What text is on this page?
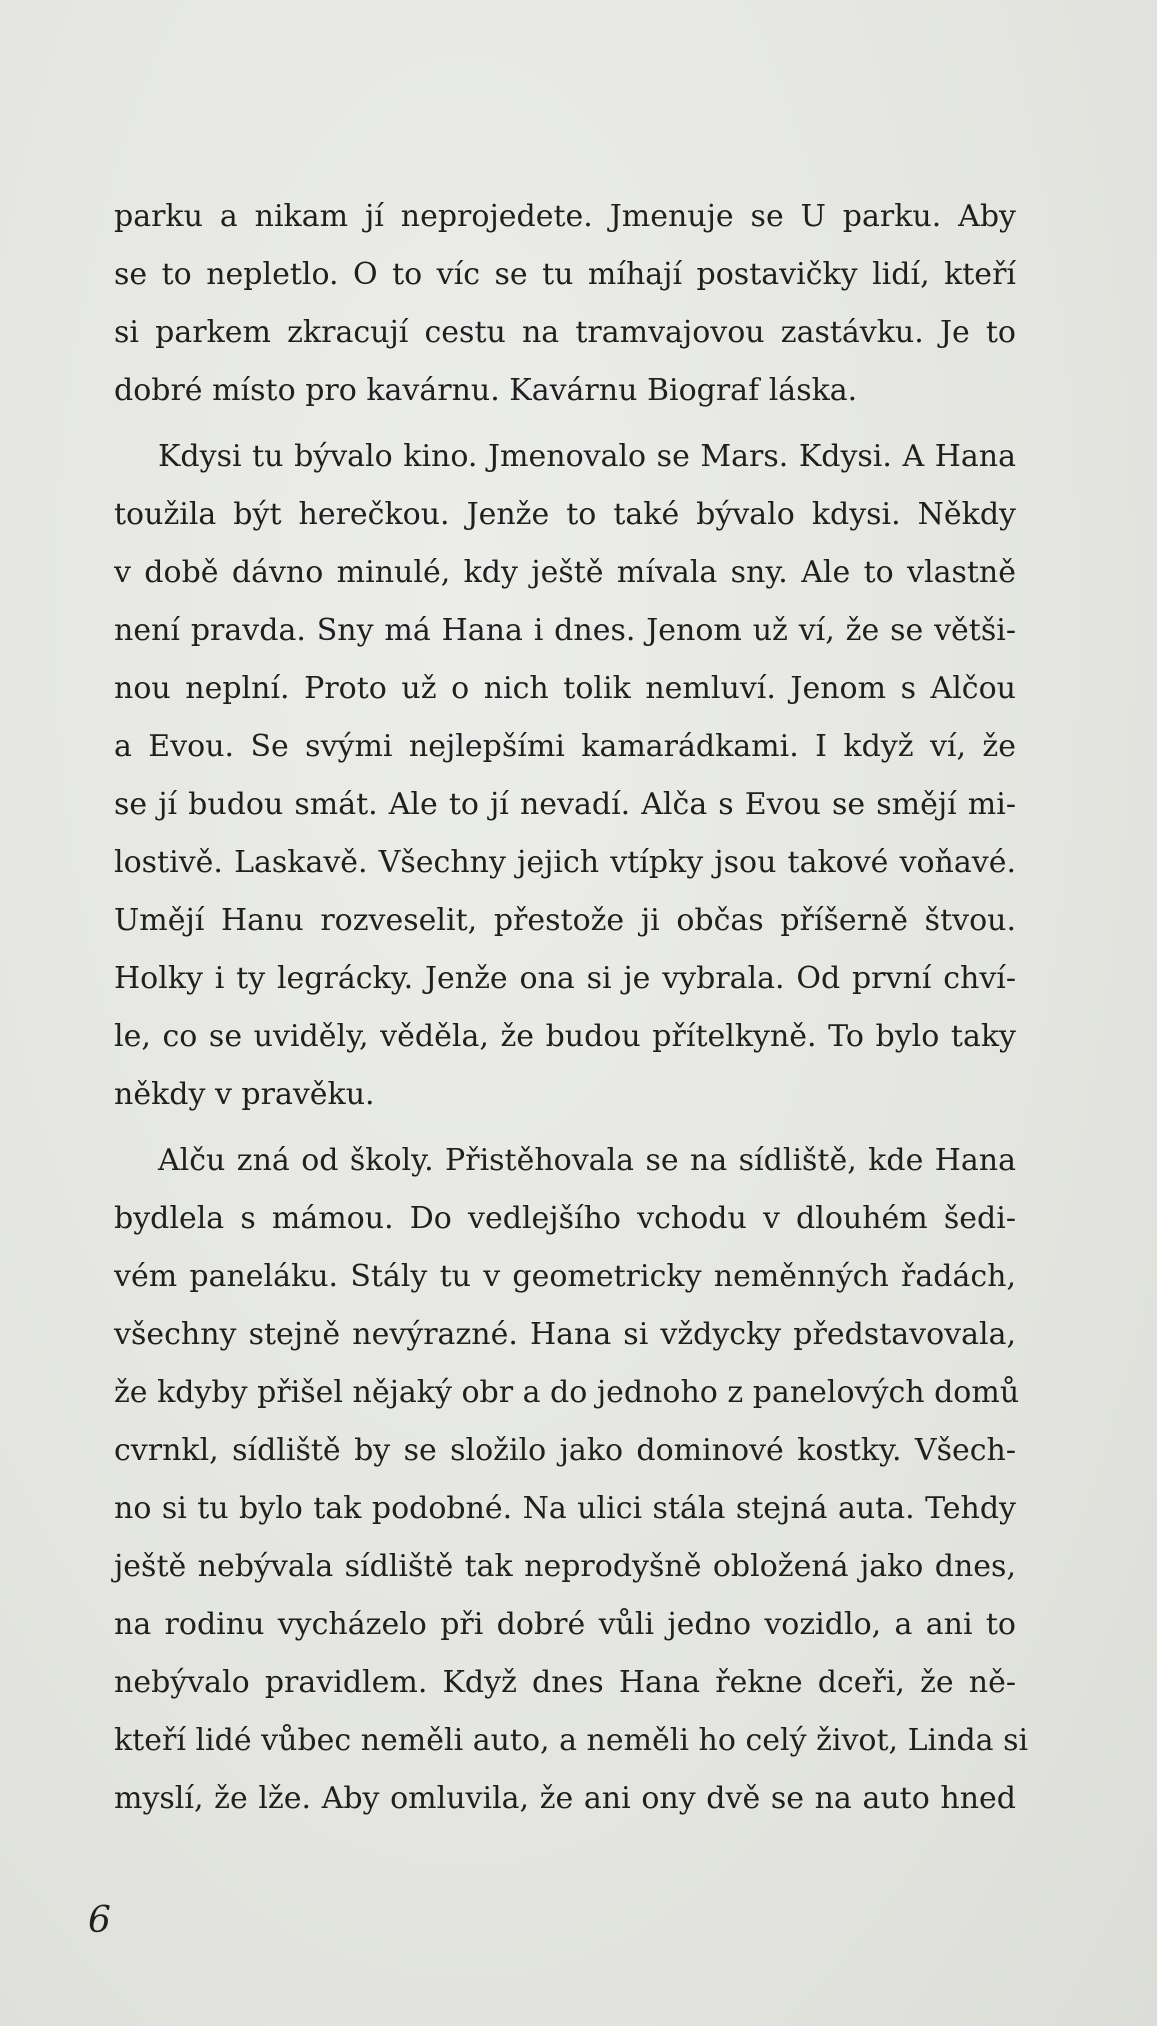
parku a nikam jí neprojedete. Jmenuje se U parku. Aby
se to nepletlo. O to víc se tu míhají postavičky lidí, kteří
si parkem zkracují cestu na tramvajovou zastávku. Je to
dobré místo pro kavárnu. Kavárnu Biograf láska.
Kdysi tu bývalo kino. Jmenovalo se Mars. Kdysi. A Hana
toužila být herečkou. Jenže to také bývalo kdysi. Někdy
v době dávno minulé, kdy ještě mívala sny. Ale to vlastně
není pravda. Sny má Hana i dnes. Jenom už ví, že se větši-
nou neplní. Proto už o nich tolik nemluví. Jenom s Alčou
a Evou. Se svými nejlepšími kamarádkami. I když ví, že
se jí budou smát. Ale to jí nevadí. Alča s Evou se smějí mi-
lostivě. Laskavě. Všechny jejich vtípky jsou takové voňavé.
Umějí Hanu rozveselit, přestože ji občas příšerně štvou.
Holky i ty legrácky. Jenže ona si je vybrala. Od první chví-
le, co se uviděly, věděla, že budou přítelkyně. To bylo taky
někdy v pravěku.
Alču zná od školy. Přistěhovala se na sídliště, kde Hana
bydlela s mámou. Do vedlejšího vchodu v dlouhém šedi-
vém paneláku. Stály tu v geometricky neměnných řadách,
všechny stejně nevýrazné. Hana si vždycky představovala,
že kdyby přišel nějaký obr a do jednoho z panelových domů
cvrnkl, sídliště by se složilo jako dominové kostky. Všech-
no si tu bylo tak podobné. Na ulici stála stejná auta. Tehdy
ještě nebývala sídliště tak neprodyšně obložená jako dnes,
na rodinu vycházelo při dobré vůli jedno vozidlo, a ani to
nebývalo pravidlem. Když dnes Hana řekne dceři, že ně-
kteří lidé vůbec neměli auto, a neměli ho celý život, Linda si
myslí, že lže. Aby omluvila, že ani ony dvě se na auto hned
6
